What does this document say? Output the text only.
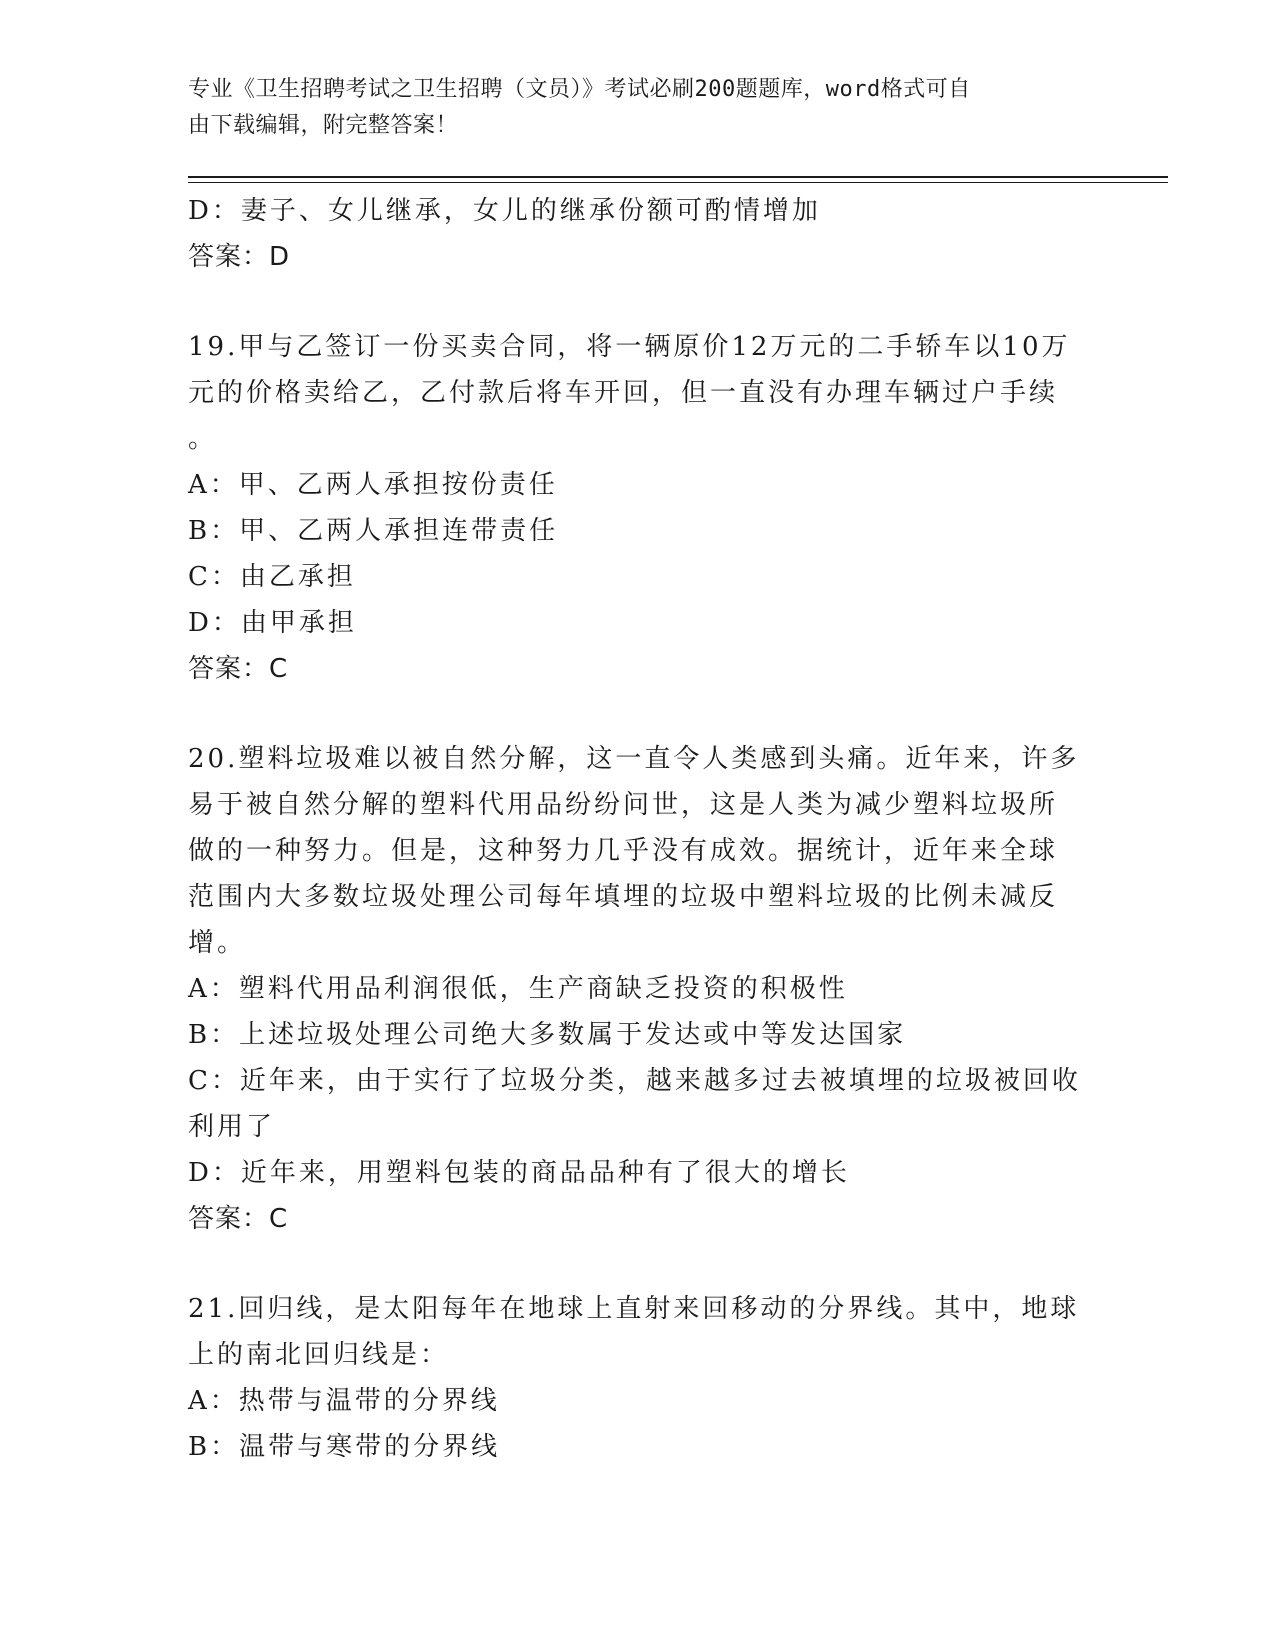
专业《卫生招聘考试之卫生招聘（文员）》考试必刷200题题库，word格式可自
由下载编辑，附完整答案！
D：妻子、女儿继承，女儿的继承份额可酌情增加
答案：D
19.甲与乙签订一份买卖合同，将一辆原价12万元的二手轿车以10万
元的价格卖给乙，乙付款后将车开回，但一直没有办理车辆过户手续
。
A：甲、乙两人承担按份责任
B：甲、乙两人承担连带责任
C：由乙承担
D：由甲承担
答案：C
20.塑料垃圾难以被自然分解，这一直令人类感到头痛。近年来，许多
易于被自然分解的塑料代用品纷纷问世，这是人类为减少塑料垃圾所
做的一种努力。但是，这种努力几乎没有成效。据统计，近年来全球
范围内大多数垃圾处理公司每年填埋的垃圾中塑料垃圾的比例未减反
增。
A：塑料代用品利润很低，生产商缺乏投资的积极性
B：上述垃圾处理公司绝大多数属于发达或中等发达国家
C：近年来，由于实行了垃圾分类，越来越多过去被填埋的垃圾被回收
利用了
D：近年来，用塑料包装的商品品种有了很大的增长
答案：C
21.回归线，是太阳每年在地球上直射来回移动的分界线。其中，地球
上的南北回归线是：
A：热带与温带的分界线
B：温带与寒带的分界线
